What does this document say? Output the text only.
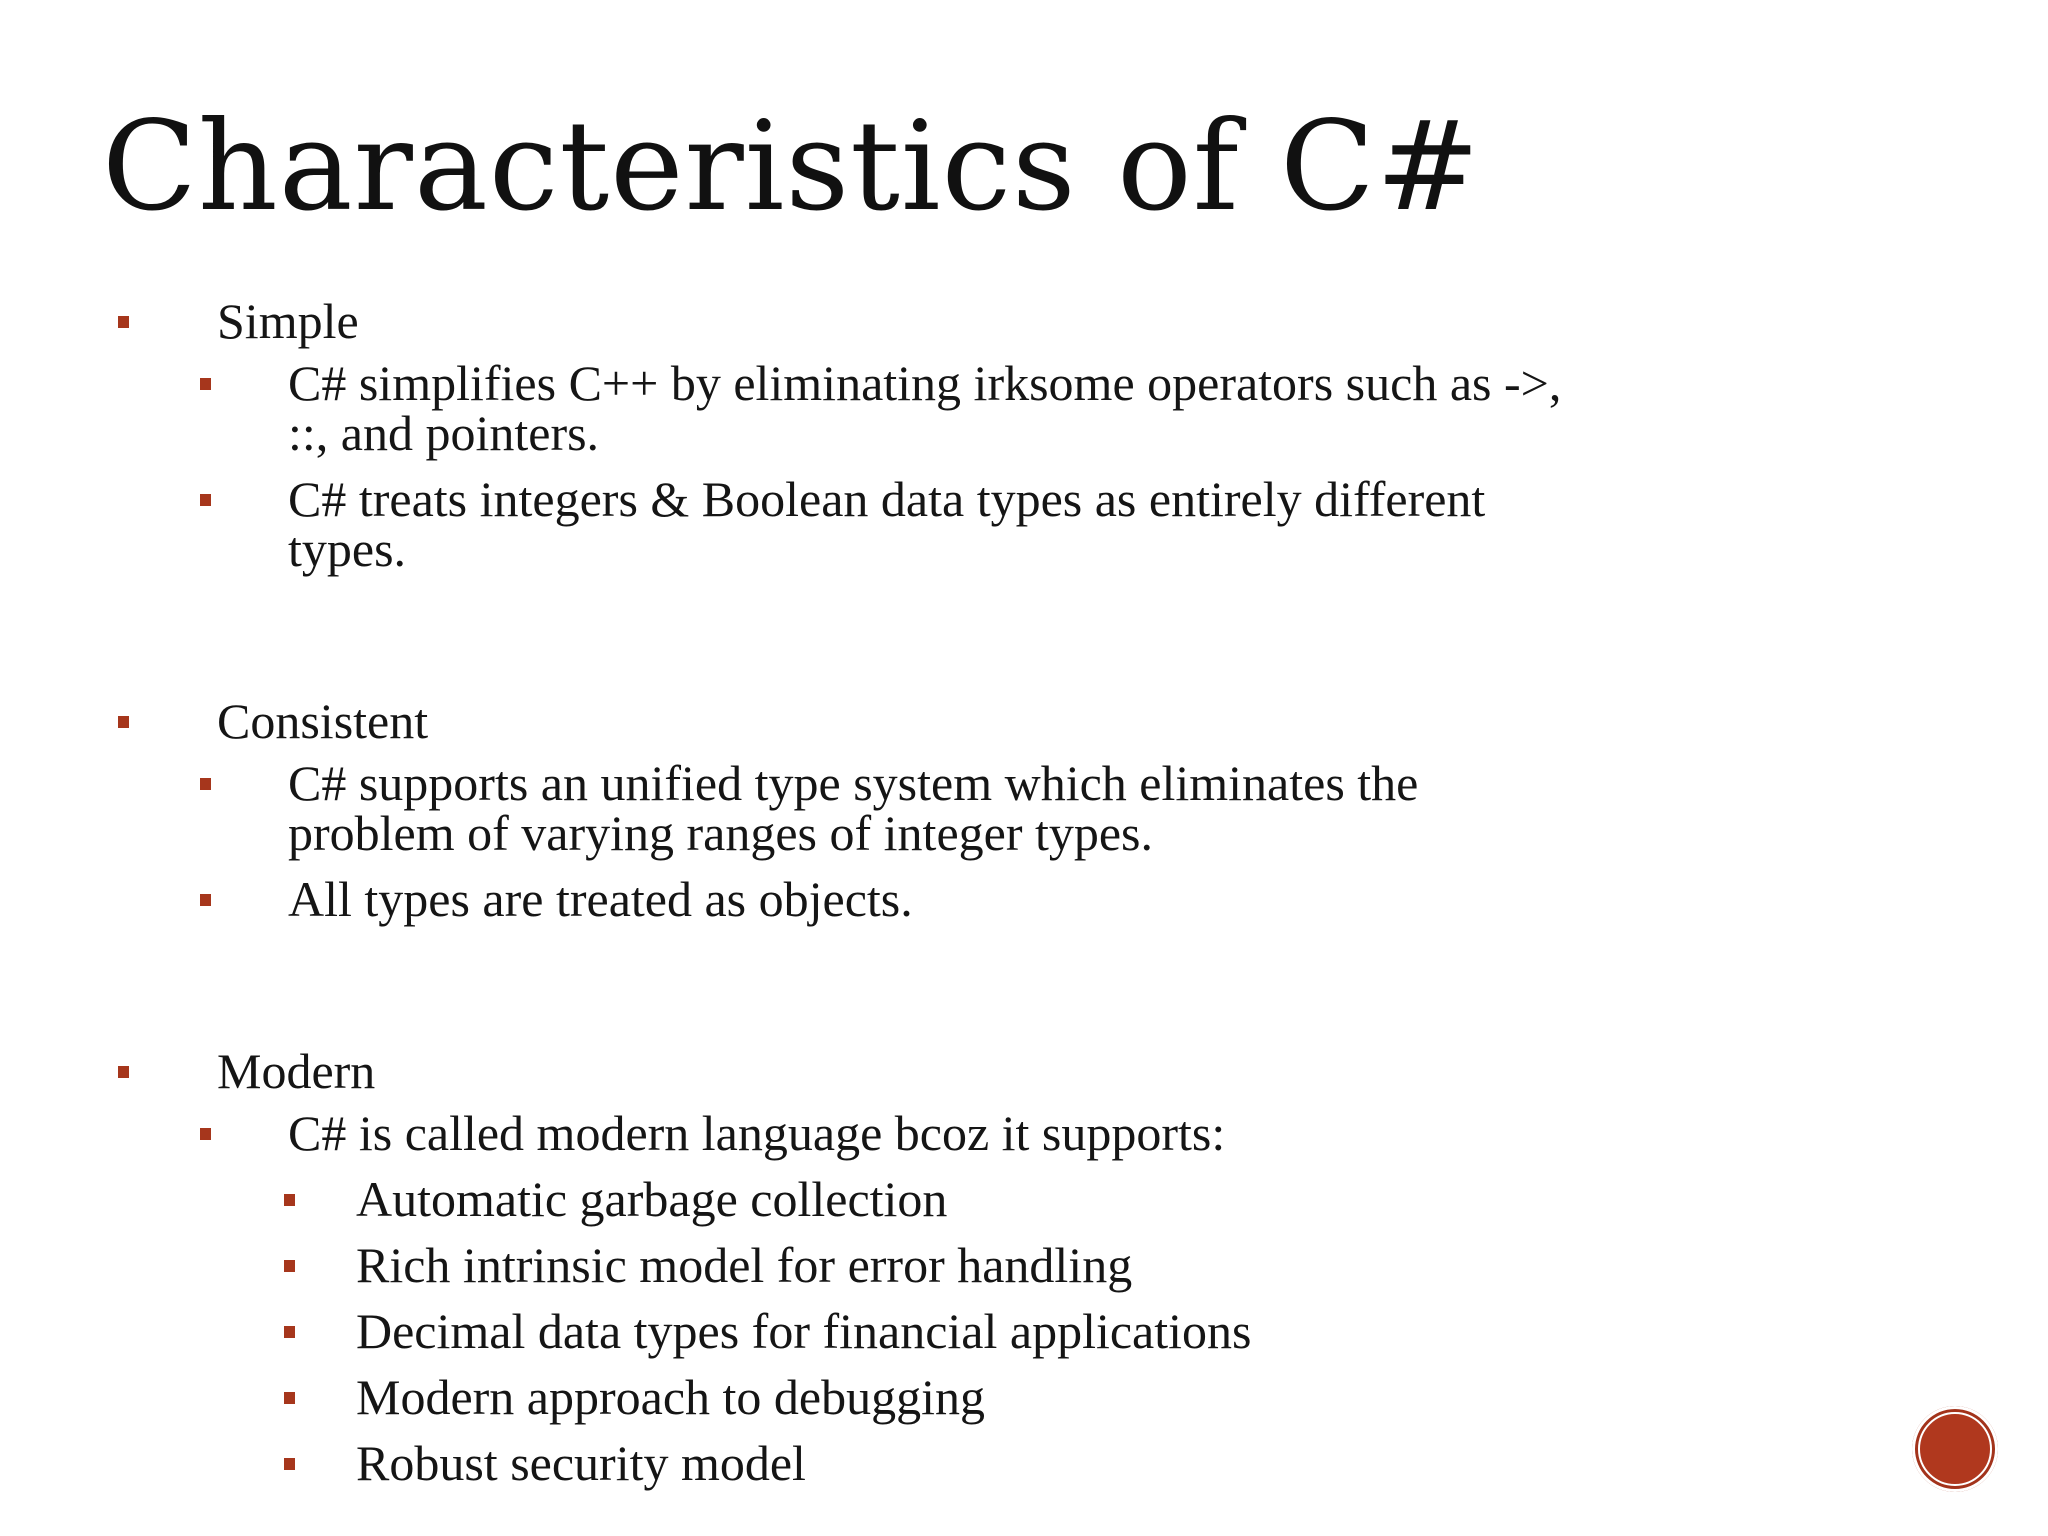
Characteristics of C#
Simple
C# simplifies C++ by eliminating irksome operators such as ->,
::, and pointers.
C# treats integers & Boolean data types as entirely different
types.
Consistent
C# supports an unified type system which eliminates the
problem of varying ranges of integer types.
All types are treated as objects.
Modern
C# is called modern language bcoz it supports:
Automatic garbage collection
Rich intrinsic model for error handling
Decimal data types for financial applications
Modern approach to debugging
Robust security model
